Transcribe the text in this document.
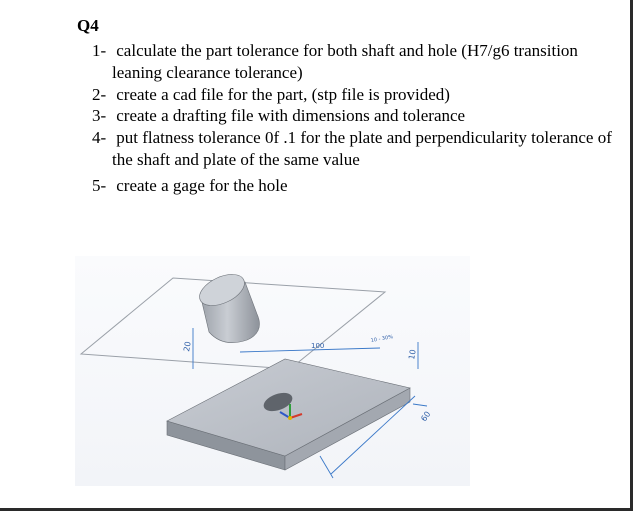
Q4
1- calculate the part tolerance for both shaft and hole (H7/g6 transition leaning clearance tolerance)
2- create a cad file for the part, (stp file is provided)
3- create a drafting file with dimensions and tolerance
4- put flatness tolerance 0f .1 for the plate and perpendicularity tolerance of the shaft and plate of the same value
5- create a gage for the hole
20	100
10
60
10 - 30%
